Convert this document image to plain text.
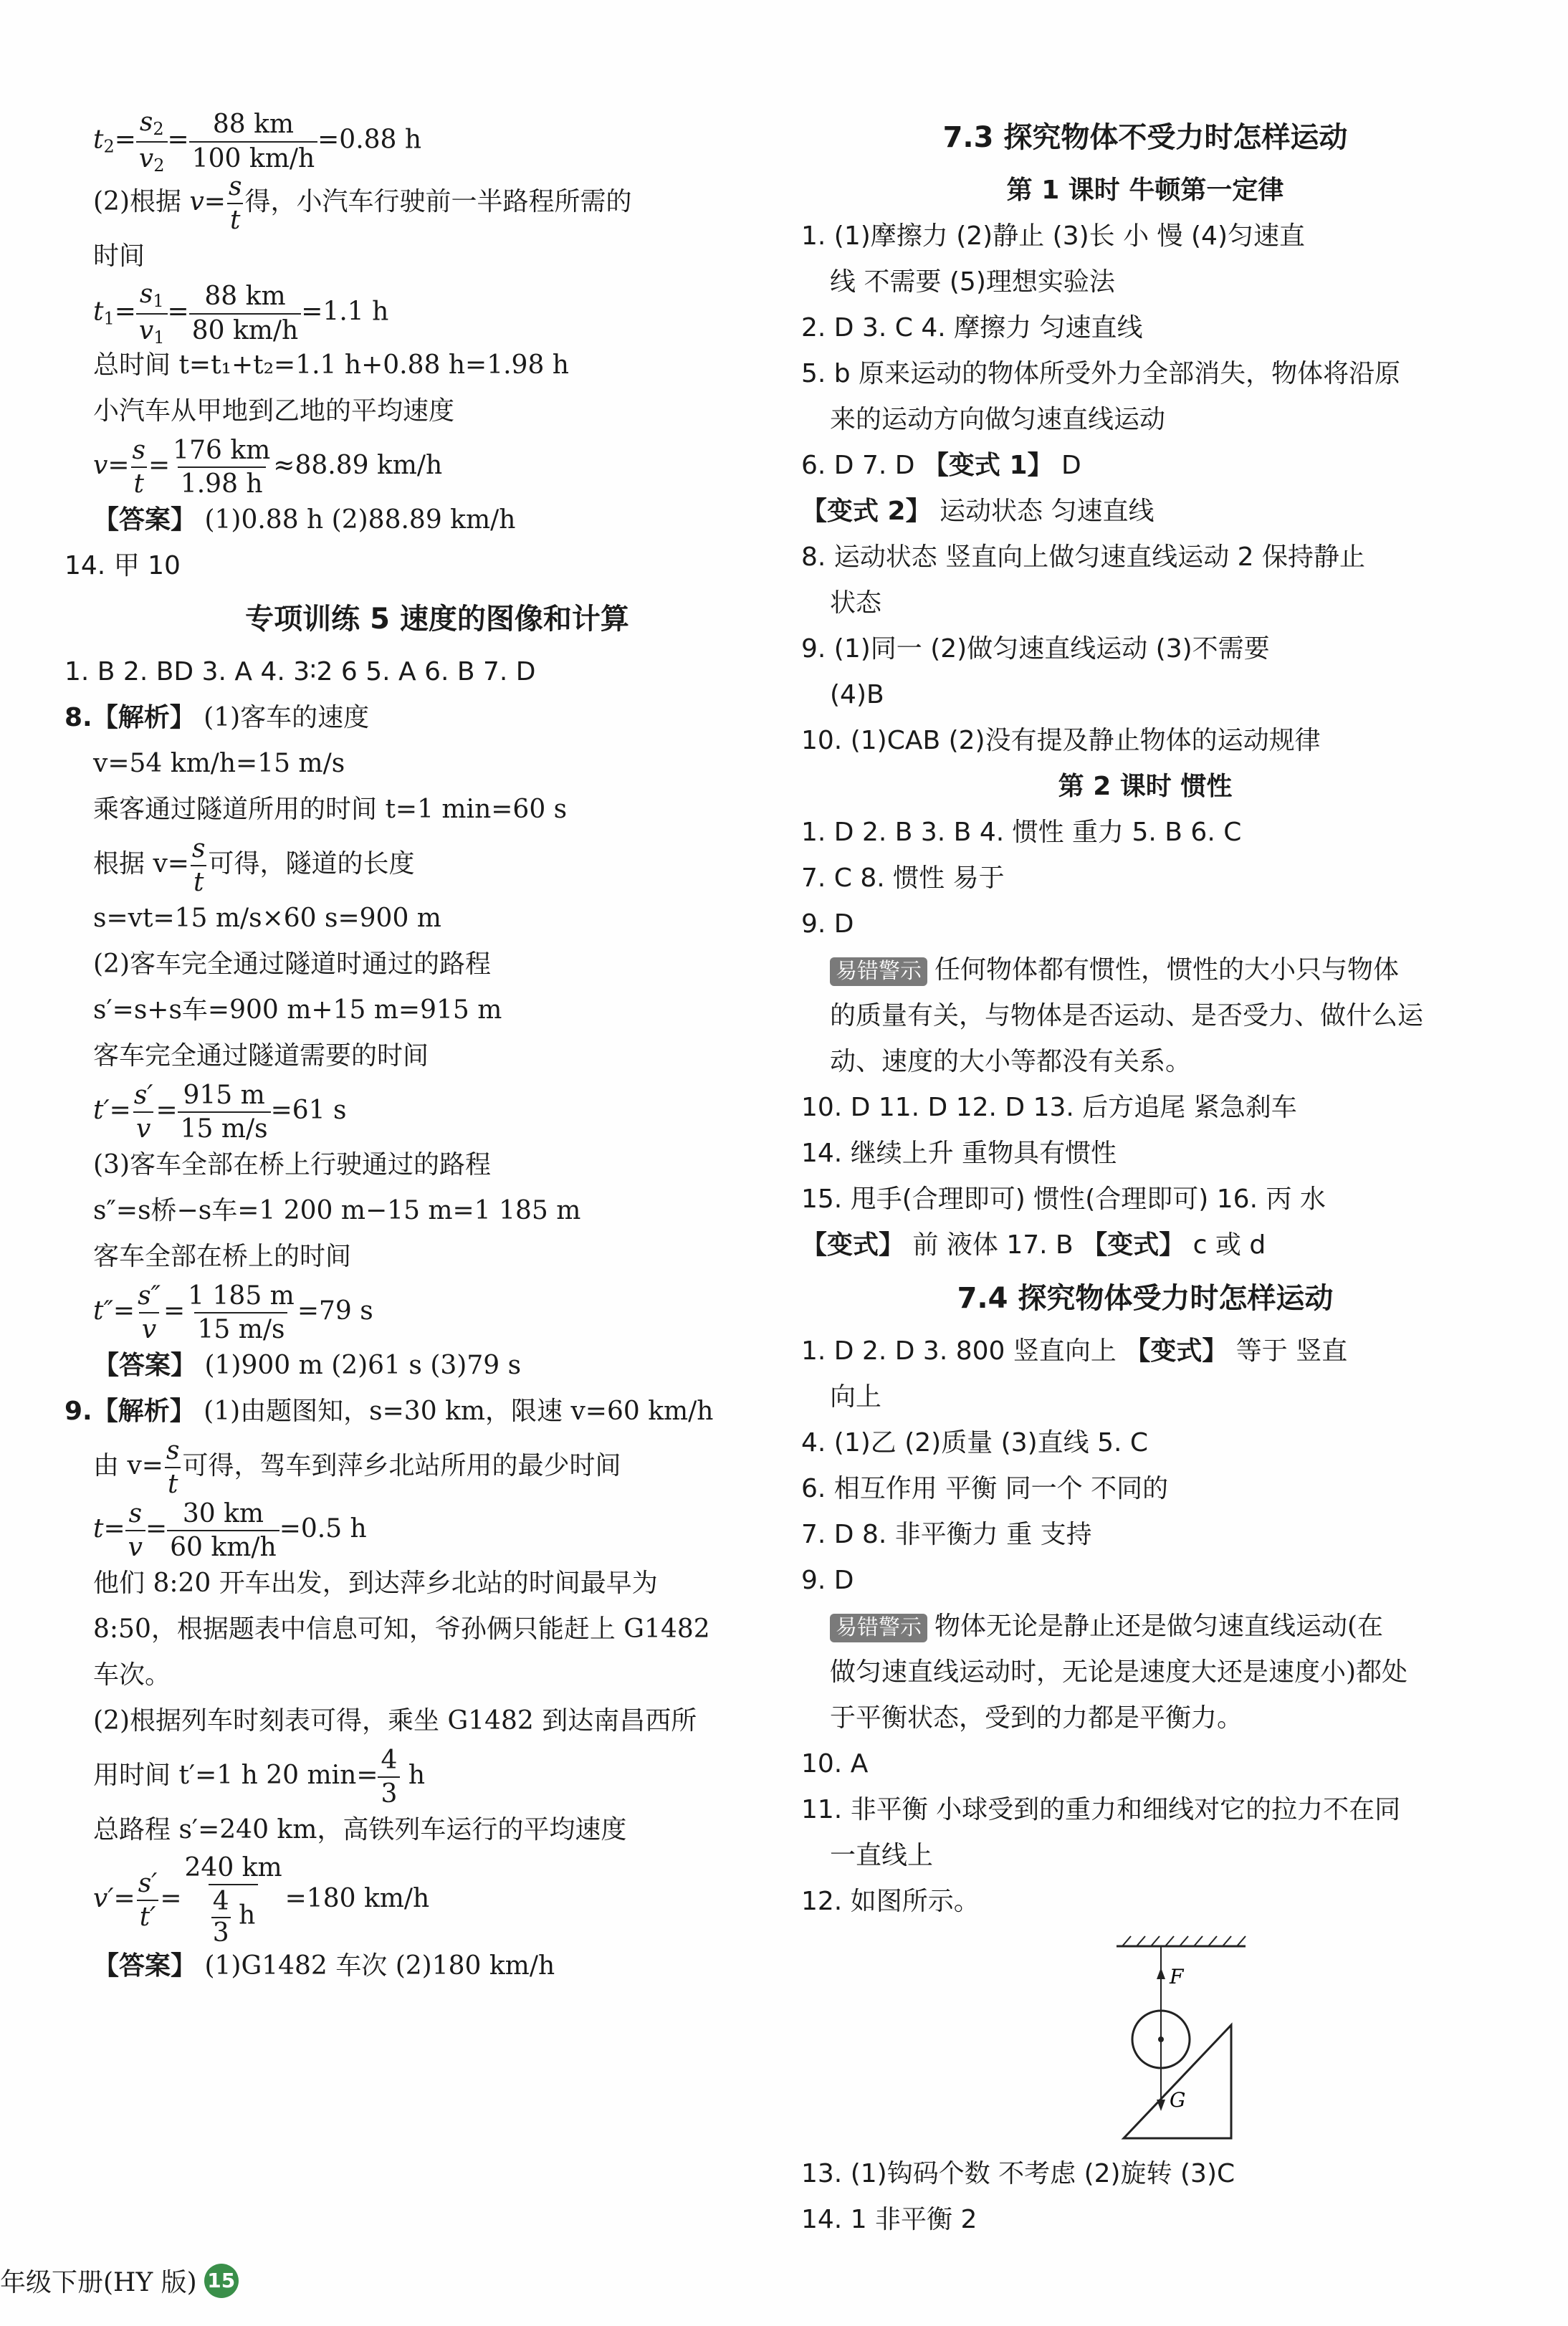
$t_2= \frac{s_2}{v_2} = \frac{88 km}{100 km/h} =0.88$ h
(2)根据 $v= \frac{s}{t}$ 得，小汽车行驶前一半路程所需的
时间
$t_1= \frac{s_1}{v_1} = \frac{88 km}{80 km/h} =1.1$ h
总时间 t=t₁+t₂=1.1 h+0.88 h=1.98 h
小汽车从甲地到乙地的平均速度
$v= \frac{s}{t} = \frac{176 km}{1.98 h} \approx 88.89$ km/h
【答案】 (1)0.88 h (2)88.89 km/h
14. 甲 10
专项训练 5 速度的图像和计算
1. B 2. BD 3. A 4. 3∶2 6 5. A 6. B 7. D
8.【解析】 (1)客车的速度
v=54 km/h=15 m/s
乘客通过隧道所用的时间 t=1 min=60 s
根据 $v= \frac{s}{t}$ 可得，隧道的长度
s=vt=15 m/s×60 s=900 m
(2)客车完全通过隧道时通过的路程
s′=s+s车=900 m+15 m=915 m
客车完全通过隧道需要的时间
$t'= \frac{s'}{v} = \frac{915 m}{15 m/s} =61$ s
(3)客车全部在桥上行驶通过的路程
s″=s桥−s车=1 200 m−15 m=1 185 m
客车全部在桥上的时间
$t''= \frac{s''}{v} = \frac{1 185 m}{15 m/s} =79$ s
【答案】 (1)900 m (2)61 s (3)79 s
9.【解析】 (1)由题图知，s=30 km，限速 v=60 km/h
由 $v= \frac{s}{t}$ 可得，驾车到萍乡北站所用的最少时间
$t= \frac{s}{v} = \frac{30 km}{60 km/h} =0.5$ h
他们 8:20 开车出发，到达萍乡北站的时间最早为
8:50，根据题表中信息可知，爷孙俩只能赶上 G1482
车次。
(2)根据列车时刻表可得，乘坐 G1482 到达南昌西所
用时间 t′=1 h 20 $\min= \frac{4}{3}$ h
总路程 s′=240 km，高铁列车运行的平均速度
$v'= \frac{s'}{t'} = \frac{240 km}{\frac{4}{3} h} =180$ km/h
【答案】 (1)G1482 车次 (2)180 km/h
7.3 探究物体不受力时怎样运动
第 1 课时 牛顿第一定律
1. (1)摩擦力 (2)静止 (3)长 小 慢 (4)匀速直
线 不需要 (5)理想实验法
2. D 3. C 4. 摩擦力 匀速直线
5. b 原来运动的物体所受外力全部消失，物体将沿原
来的运动方向做匀速直线运动
6. D 7. D 【变式 1】 D
【变式 2】 运动状态 匀速直线
8. 运动状态 竖直向上做匀速直线运动 2 保持静止
状态
9. (1)同一 (2)做匀速直线运动 (3)不需要
(4)B
10. (1)CAB (2)没有提及静止物体的运动规律
第 2 课时 惯性
1. D 2. B 3. B 4. 惯性 重力 5. B 6. C
7. C 8. 惯性 易于
9. D
易错警示 任何物体都有惯性，惯性的大小只与物体
的质量有关，与物体是否运动、是否受力、做什么运
动、速度的大小等都没有关系。
10. D 11. D 12. D 13. 后方追尾 紧急刹车
14. 继续上升 重物具有惯性
15. 甩手(合理即可) 惯性(合理即可) 16. 丙 水
【变式】 前 液体 17. B 【变式】 c 或 d
7.4 探究物体受力时怎样运动
1. D 2. D 3. 800 竖直向上 【变式】 等于 竖直
向上
4. (1)乙 (2)质量 (3)直线 5. C
6. 相互作用 平衡 同一个 不同的
7. D 8. 非平衡力 重 支持
9. D
易错警示 物体无论是静止还是做匀速直线运动(在
做匀速直线运动时，无论是速度大还是速度小)都处
于平衡状态，受到的力都是平衡力。
10. A
11. 非平衡 小球受到的重力和细线对它的拉力不在同
一直线上
12. 如图所示。
F
G
13. (1)钩码个数 不考虑 (2)旋转 (3)C
14. 1 非平衡 2
年级下册(HY 版) 15
